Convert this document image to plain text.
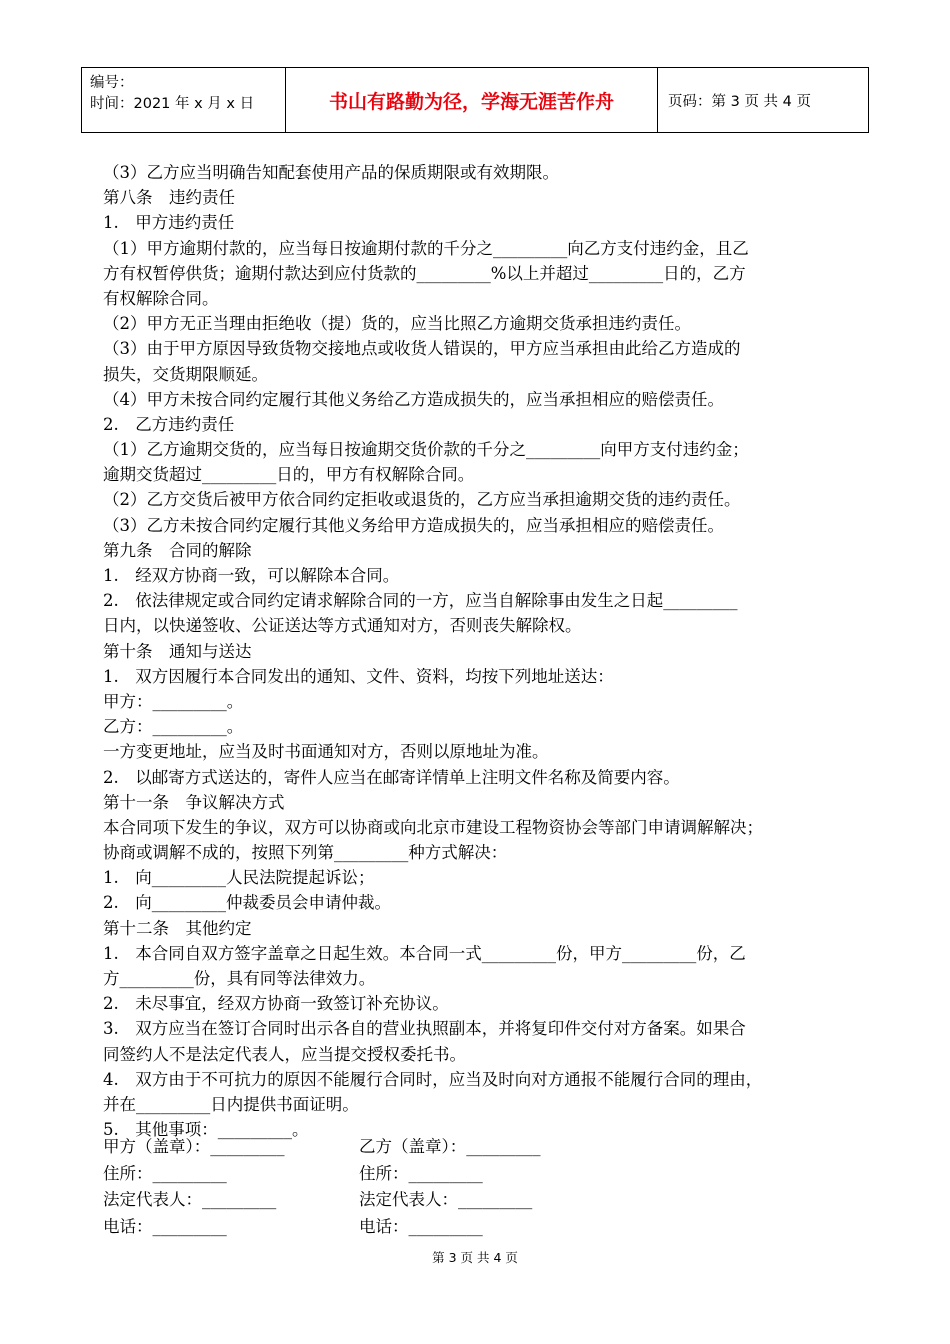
编号：
时间：2021 年 x 月 x 日	书山有路勤为径，学海无涯苦作舟	页码：第 3 页 共 4 页
（3）乙方应当明确告知配套使用产品的保质期限或有效期限。
第八条　违约责任
1.　甲方违约责任
（1）甲方逾期付款的，应当每日按逾期付款的千分之_________向乙方支付违约金，且乙
方有权暂停供货；逾期付款达到应付货款的_________%以上并超过_________日的，乙方
有权解除合同。
（2）甲方无正当理由拒绝收（提）货的，应当比照乙方逾期交货承担违约责任。
（3）由于甲方原因导致货物交接地点或收货人错误的，甲方应当承担由此给乙方造成的
损失，交货期限顺延。
（4）甲方未按合同约定履行其他义务给乙方造成损失的，应当承担相应的赔偿责任。
2.　乙方违约责任
（1）乙方逾期交货的，应当每日按逾期交货价款的千分之_________向甲方支付违约金；
逾期交货超过_________日的，甲方有权解除合同。
（2）乙方交货后被甲方依合同约定拒收或退货的，乙方应当承担逾期交货的违约责任。
（3）乙方未按合同约定履行其他义务给甲方造成损失的，应当承担相应的赔偿责任。
第九条　合同的解除
1.　经双方协商一致，可以解除本合同。
2.　依法律规定或合同约定请求解除合同的一方，应当自解除事由发生之日起_________
日内，以快递签收、公证送达等方式通知对方，否则丧失解除权。
第十条　通知与送达
1.　双方因履行本合同发出的通知、文件、资料，均按下列地址送达：
甲方：_________。
乙方：_________。
一方变更地址，应当及时书面通知对方，否则以原地址为准。
2.　以邮寄方式送达的，寄件人应当在邮寄详情单上注明文件名称及简要内容。
第十一条　争议解决方式
本合同项下发生的争议，双方可以协商或向北京市建设工程物资协会等部门申请调解解决；
协商或调解不成的，按照下列第_________种方式解决：
1.　向_________人民法院提起诉讼；
2.　向_________仲裁委员会申请仲裁。
第十二条　其他约定
1.　本合同自双方签字盖章之日起生效。本合同一式_________份，甲方_________份，乙
方_________份，具有同等法律效力。
2.　未尽事宜，经双方协商一致签订补充协议。
3.　双方应当在签订合同时出示各自的营业执照副本，并将复印件交付对方备案。如果合
同签约人不是法定代表人，应当提交授权委托书。
4.　双方由于不可抗力的原因不能履行合同时，应当及时向对方通报不能履行合同的理由，
并在_________日内提供书面证明。
5.　其他事项：_________。
甲方（盖章）：_________	乙方（盖章）：_________
住所：_________	住所：_________
法定代表人：_________	法定代表人：_________
电话：_________	电话：_________
第 3 页 共 4 页
